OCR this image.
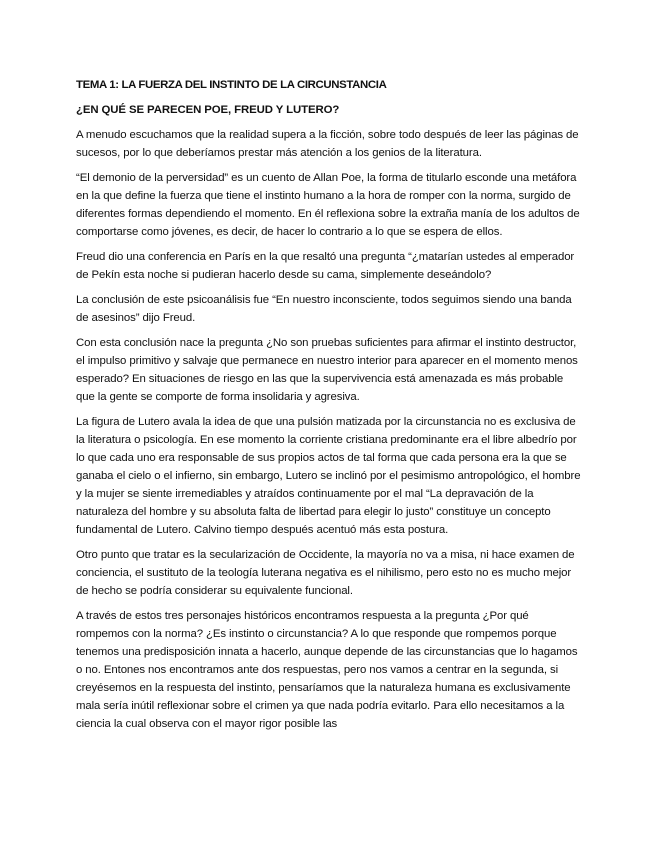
TEMA 1: LA FUERZA DEL INSTINTO DE LA CIRCUNSTANCIA
¿EN QUÉ SE PARECEN POE, FREUD Y LUTERO?

A menudo escuchamos que la realidad supera a la ficción, sobre todo después de leer las páginas de sucesos, por lo que deberíamos prestar más atención a los genios de la literatura.

“El demonio de la perversidad” es un cuento de Allan Poe, la forma de titularlo esconde una metáfora en la que define la fuerza que tiene el instinto humano a la hora de romper con la norma, surgido de diferentes formas dependiendo el momento. En él reflexiona sobre la extraña manía de los adultos de comportarse como jóvenes, es decir, de hacer lo contrario a lo que se espera de ellos.

Freud dio una conferencia en París en la que resaltó una pregunta “¿matarían ustedes al emperador de Pekín esta noche si pudieran hacerlo desde su cama, simplemente deseándolo?

La conclusión de este psicoanálisis fue “En nuestro inconsciente, todos seguimos siendo una banda de asesinos” dijo Freud.

Con esta conclusión nace la pregunta ¿No son pruebas suficientes para afirmar el instinto destructor, el impulso primitivo y salvaje que permanece en nuestro interior para aparecer en el momento menos esperado? En situaciones de riesgo en las que la supervivencia está amenazada es más probable que la gente se comporte de forma insolidaria y agresiva.

La figura de Lutero avala la idea de que una pulsión matizada por la circunstancia no es exclusiva de la literatura o psicología. En ese momento la corriente cristiana predominante era el libre albedrío por lo que cada uno era responsable de sus propios actos de tal forma que cada persona era la que se ganaba el cielo o el infierno, sin embargo, Lutero se inclinó por el pesimismo antropológico, el hombre y la mujer se siente irremediables y atraídos continuamente por el mal “La depravación de la naturaleza del hombre y su absoluta falta de libertad para elegir lo justo” constituye un concepto fundamental de Lutero. Calvino tiempo después acentuó más esta postura.

Otro punto que tratar es la secularización de Occidente, la mayoría no va a misa, ni hace examen de conciencia, el sustituto de la teología luterana negativa es el nihilismo, pero esto no es mucho mejor de hecho se podría considerar su equivalente funcional.

A través de estos tres personajes históricos encontramos respuesta a la pregunta ¿Por qué rompemos con la norma? ¿Es instinto o circunstancia? A lo que responde que rompemos porque tenemos una predisposición innata a hacerlo, aunque depende de las circunstancias que lo hagamos o no. Entones nos encontramos ante dos respuestas, pero nos vamos a centrar en la segunda, si creyésemos en la respuesta del instinto, pensaríamos que la naturaleza humana es exclusivamente mala sería inútil reflexionar sobre el crimen ya que nada podría evitarlo. Para ello necesitamos a la ciencia la cual observa con el mayor rigor posible las
